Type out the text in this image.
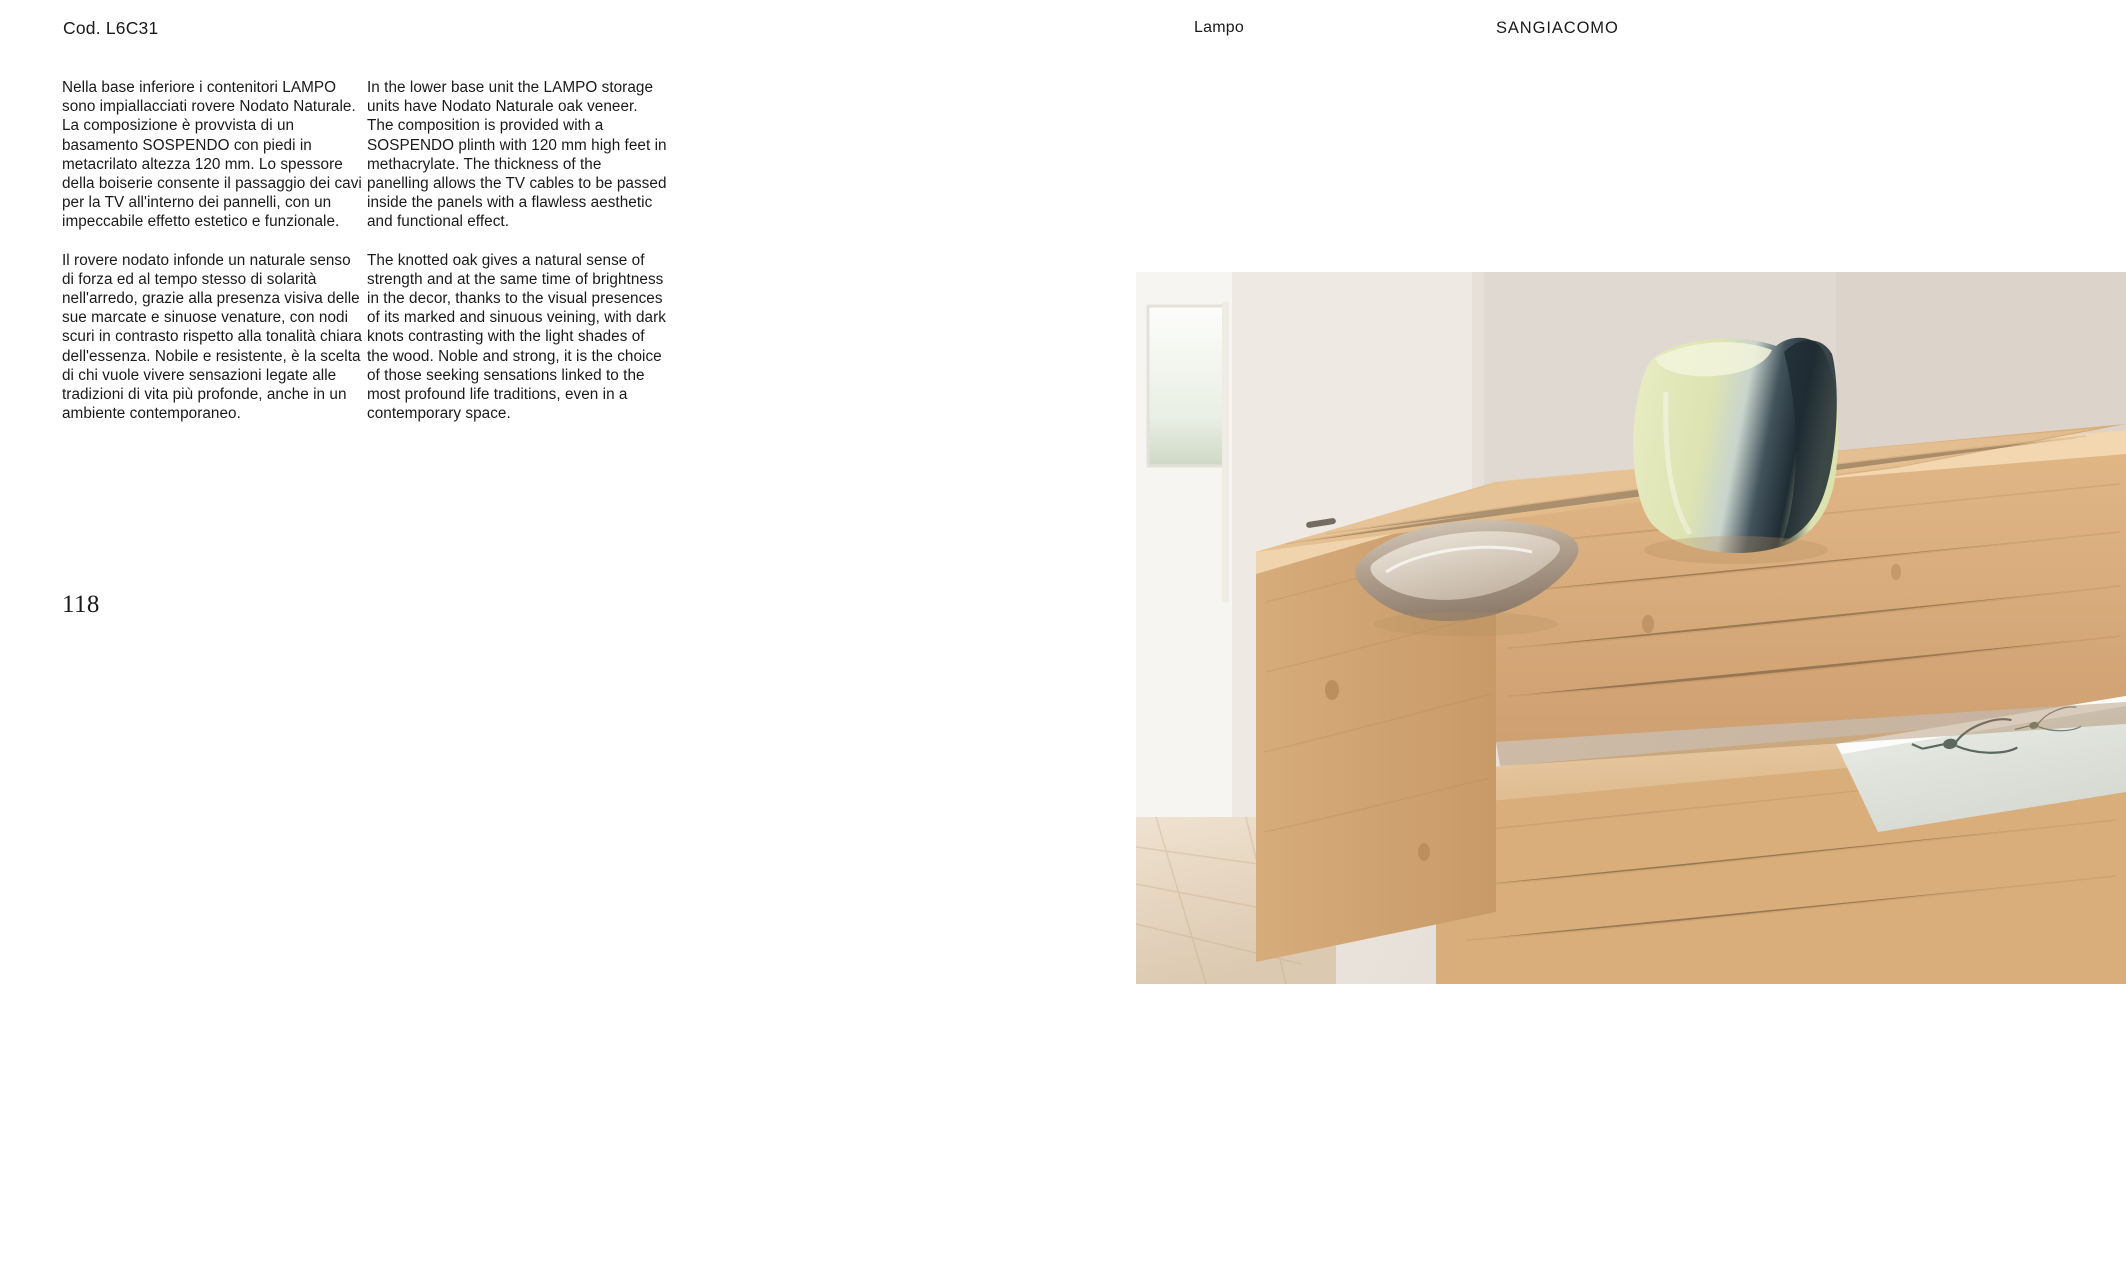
Cod. L6C31	Lampo	SANGIACOMO

Nella base inferiore i contenitori LAMPO sono impiallacciati rovere Nodato Naturale. La composizione è provvista di un basamento SOSPENDO con piedi in metacrilato altezza 120 mm. Lo spessore della boiserie consente il passaggio dei cavi per la TV all'interno dei pannelli, con un impeccabile effetto estetico e funzionale.

Il rovere nodato infonde un naturale senso di forza ed al tempo stesso di solarità nell'arredo, grazie alla presenza visiva delle sue marcate e sinuose venature, con nodi scuri in contrasto rispetto alla tonalità chiara dell'essenza. Nobile e resistente, è la scelta di chi vuole vivere sensazioni legate alle tradizioni di vita più profonde, anche in un ambiente contemporaneo.

In the lower base unit the LAMPO storage units have Nodato Naturale oak veneer. The composition is provided with a SOSPENDO plinth with 120 mm high feet in methacrylate. The thickness of the panelling allows the TV cables to be passed inside the panels with a flawless aesthetic and functional effect.

The knotted oak gives a natural sense of strength and at the same time of brightness in the decor, thanks to the visual presences of its marked and sinuous veining, with dark knots contrasting with the light shades of the wood. Noble and strong, it is the choice of those seeking sensations linked to the most profound life traditions, even in a contemporary space.

118
